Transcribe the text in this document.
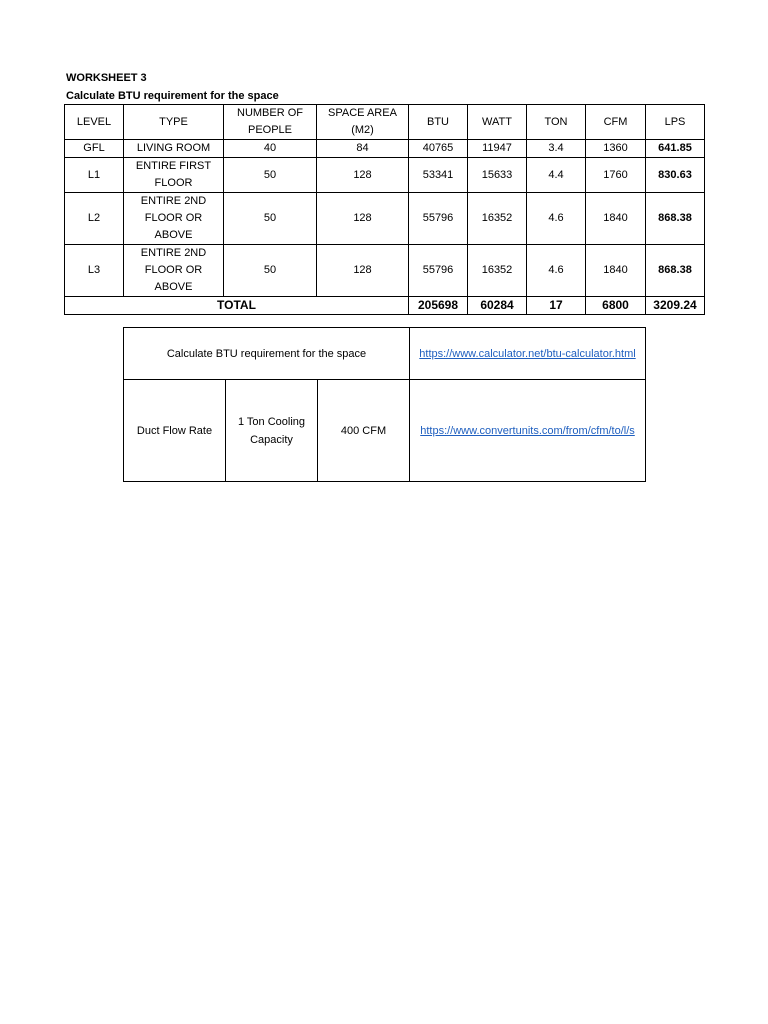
WORKSHEET 3
Calculate BTU requirement for the space
LEVEL	TYPE	NUMBER OF PEOPLE	SPACE AREA (M2)	BTU	WATT	TON	CFM	LPS
GFL	LIVING ROOM	40	84	40765	11947	3.4	1360	641.85
L1	ENTIRE FIRST FLOOR	50	128	53341	15633	4.4	1760	830.63
L2	ENTIRE 2ND FLOOR OR ABOVE	50	128	55796	16352	4.6	1840	868.38
L3	ENTIRE 2ND FLOOR OR ABOVE	50	128	55796	16352	4.6	1840	868.38
TOTAL				205698	60284	17	6800	3209.24
Calculate BTU requirement for the space			https://www.calculator.net/btu-calculator.html
Duct Flow Rate	1 Ton Cooling Capacity	400 CFM	https://www.convertunits.com/from/cfm/to/l/s
